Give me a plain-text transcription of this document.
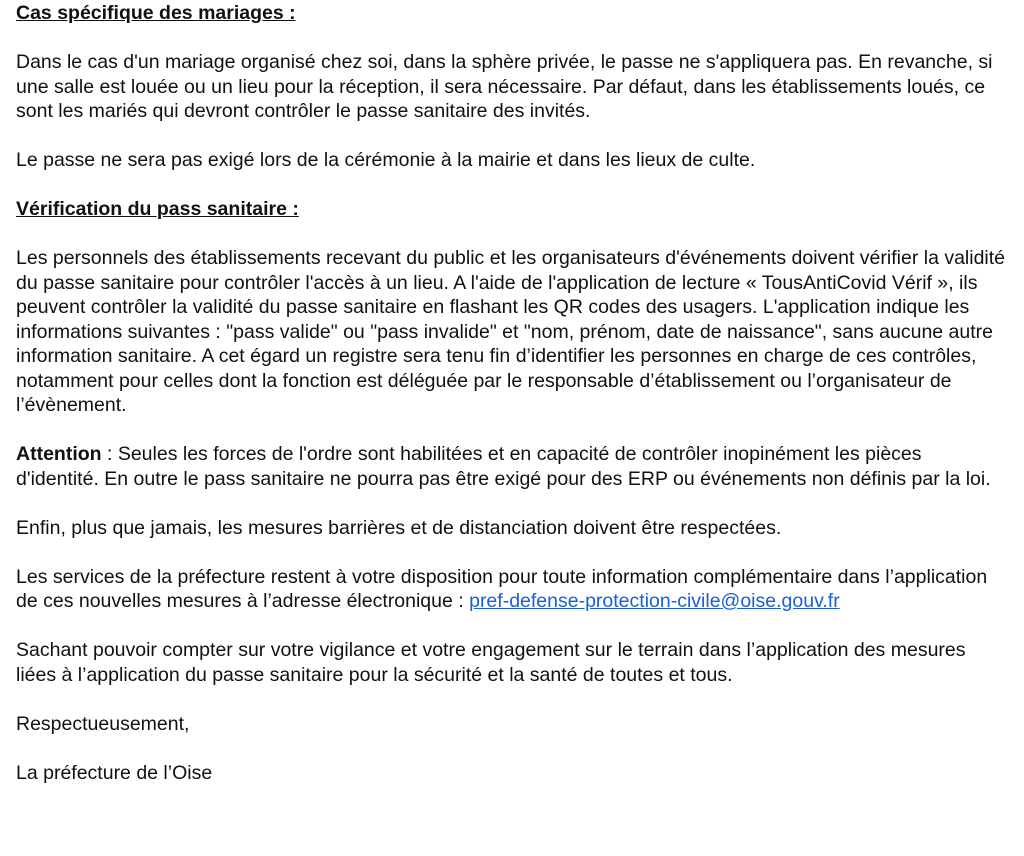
Cas spécifique des mariages :

Dans le cas d'un mariage organisé chez soi, dans la sphère privée, le passe ne s'appliquera pas. En revanche, si une salle est louée ou un lieu pour la réception, il sera nécessaire. Par défaut, dans les établissements loués, ce sont les mariés qui devront contrôler le passe sanitaire des invités.

Le passe ne sera pas exigé lors de la cérémonie à la mairie et dans les lieux de culte.

Vérification du pass sanitaire :

Les personnels des établissements recevant du public et les organisateurs d'événements doivent vérifier la validité du passe sanitaire pour contrôler l'accès à un lieu. A l'aide de l'application de lecture « TousAntiCovid Vérif », ils peuvent contrôler la validité du passe sanitaire en flashant les QR codes des usagers. L'application indique les informations suivantes : "pass valide" ou "pass invalide" et "nom, prénom, date de naissance", sans aucune autre information sanitaire. A cet égard un registre sera tenu fin d’identifier les personnes en charge de ces contrôles, notamment pour celles dont la fonction est déléguée par le responsable d’établissement ou l’organisateur de l’évènement.

Attention : Seules les forces de l'ordre sont habilitées et en capacité de contrôler inopinément les pièces d'identité. En outre le pass sanitaire ne pourra pas être exigé pour des ERP ou événements non définis par la loi.

Enfin, plus que jamais, les mesures barrières et de distanciation doivent être respectées.

Les services de la préfecture restent à votre disposition pour toute information complémentaire dans l’application de ces nouvelles mesures à l’adresse électronique : pref-defense-protection-civile@oise.gouv.fr

Sachant pouvoir compter sur votre vigilance et votre engagement sur le terrain dans l’application des mesures liées à l’application du passe sanitaire pour la sécurité et la santé de toutes et tous.

Respectueusement,

La préfecture de l’Oise
